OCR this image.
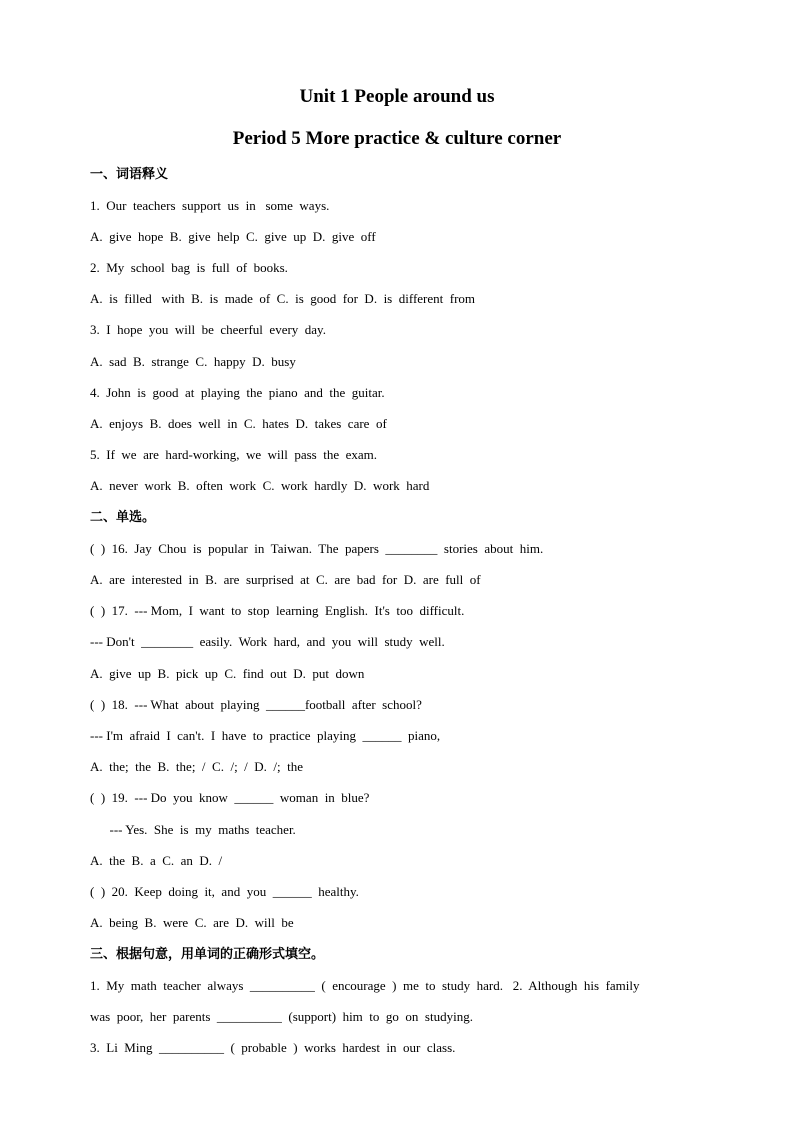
Unit 1 People around us
Period 5 More practice & culture corner
一、词语释义
1.  Our  teachers  support  us  in   some  ways.
A.  give  hope  B.  give  help  C.  give  up  D.  give  off
2.  My  school  bag  is  full  of  books.
A.  is  filled   with  B.  is  made  of  C.  is  good  for  D.  is  different  from
3.  I  hope  you  will  be  cheerful  every  day.
A.  sad  B.  strange  C.  happy  D.  busy
4.  John  is  good  at  playing  the  piano  and  the  guitar.
A.  enjoys  B.  does  well  in  C.  hates  D.  takes  care  of
5.  If  we  are  hard-working,  we  will  pass  the  exam.
A.  never  work  B.  often  work  C.  work  hardly  D.  work  hard
二、单选。
(  )  16.  Jay  Chou  is  popular  in  Taiwan.  The  papers  ________  stories  about  him.
A.  are  interested  in  B.  are  surprised  at  C.  are  bad  for  D.  are  full  of
(  )  17.  --- Mom,  I  want  to  stop  learning  English.  It's  too  difficult.
--- Don't  ________  easily.  Work  hard,  and  you  will  study  well.
A.  give  up  B.  pick  up  C.  find  out  D.  put  down
(  )  18.  --- What  about  playing  ______football  after  school?
--- I'm  afraid  I  can't.  I  have  to  practice  playing  ______  piano,
A.  the;  the  B.  the;  /  C.  /;  /  D.  /;  the
(  )  19.  --- Do  you  know  ______  woman  in  blue?
--- Yes.  She  is  my  maths  teacher.
A.  the  B.  a  C.  an  D.  /
(  )  20.  Keep  doing  it,  and  you  ______  healthy.
A.  being  B.  were  C.  are  D.  will  be
三、根据句意，用单词的正确形式填空。
1.  My  math  teacher  always  __________  (  encourage  )  me  to  study  hard.   2.  Although  his  family
was  poor,  her  parents  __________  (support)  him  to  go  on  studying.
3.  Li  Ming  __________  (  probable  )  works  hardest  in  our  class.
